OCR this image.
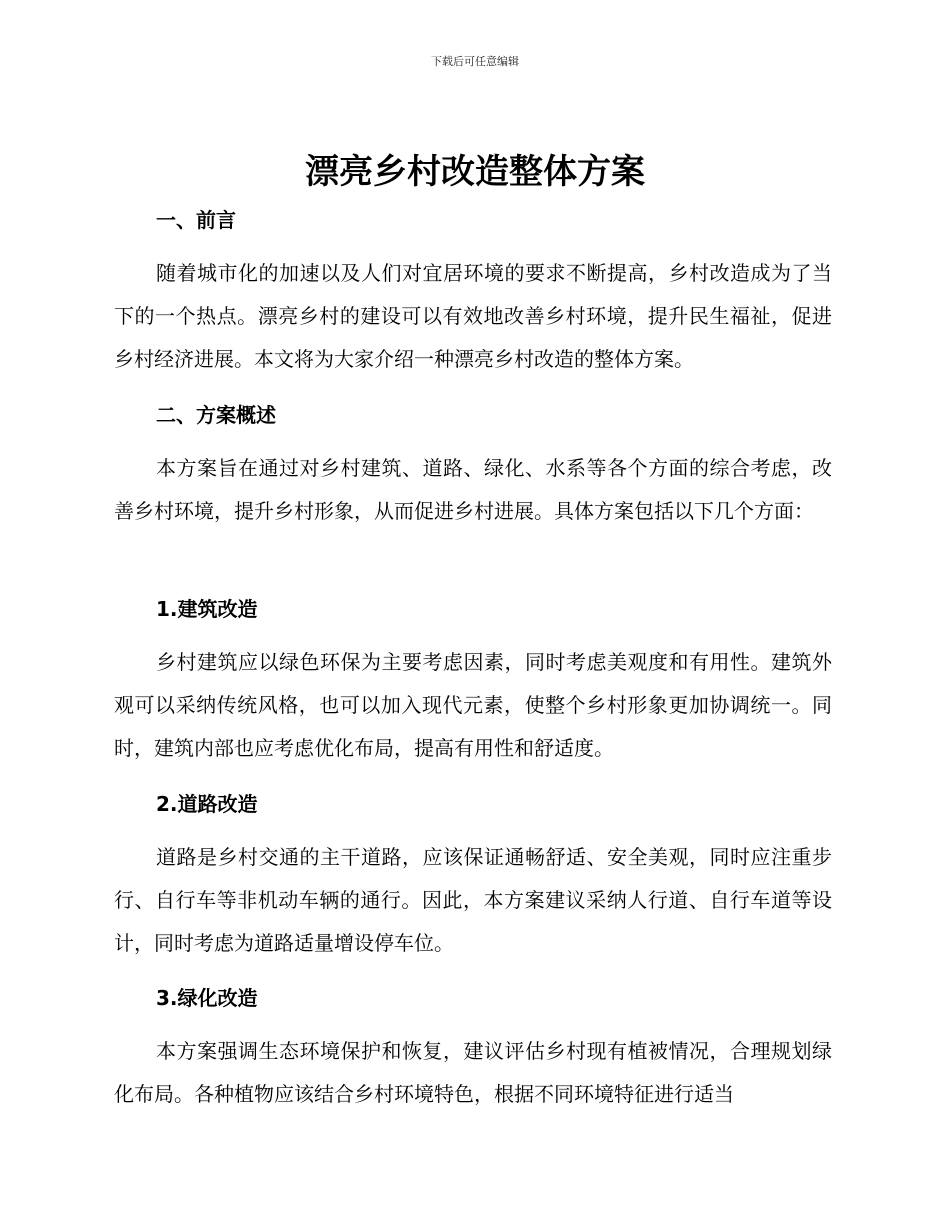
下载后可任意编辑
漂亮乡村改造整体方案
一、前言

随着城市化的加速以及人们对宜居环境的要求不断提高，乡村改造成为了当下的一个热点。漂亮乡村的建设可以有效地改善乡村环境，提升民生福祉，促进乡村经济进展。本文将为大家介绍一种漂亮乡村改造的整体方案。

二、方案概述

本方案旨在通过对乡村建筑、道路、绿化、水系等各个方面的综合考虑，改善乡村环境，提升乡村形象，从而促进乡村进展。具体方案包括以下几个方面：

1.建筑改造

乡村建筑应以绿色环保为主要考虑因素，同时考虑美观度和有用性。建筑外观可以采纳传统风格，也可以加入现代元素，使整个乡村形象更加协调统一。同时，建筑内部也应考虑优化布局，提高有用性和舒适度。

2.道路改造

道路是乡村交通的主干道路，应该保证通畅舒适、安全美观，同时应注重步行、自行车等非机动车辆的通行。因此，本方案建议采纳人行道、自行车道等设计，同时考虑为道路适量增设停车位。

3.绿化改造

本方案强调生态环境保护和恢复，建议评估乡村现有植被情况，合理规划绿化布局。各种植物应该结合乡村环境特色，根据不同环境特征进行适当
